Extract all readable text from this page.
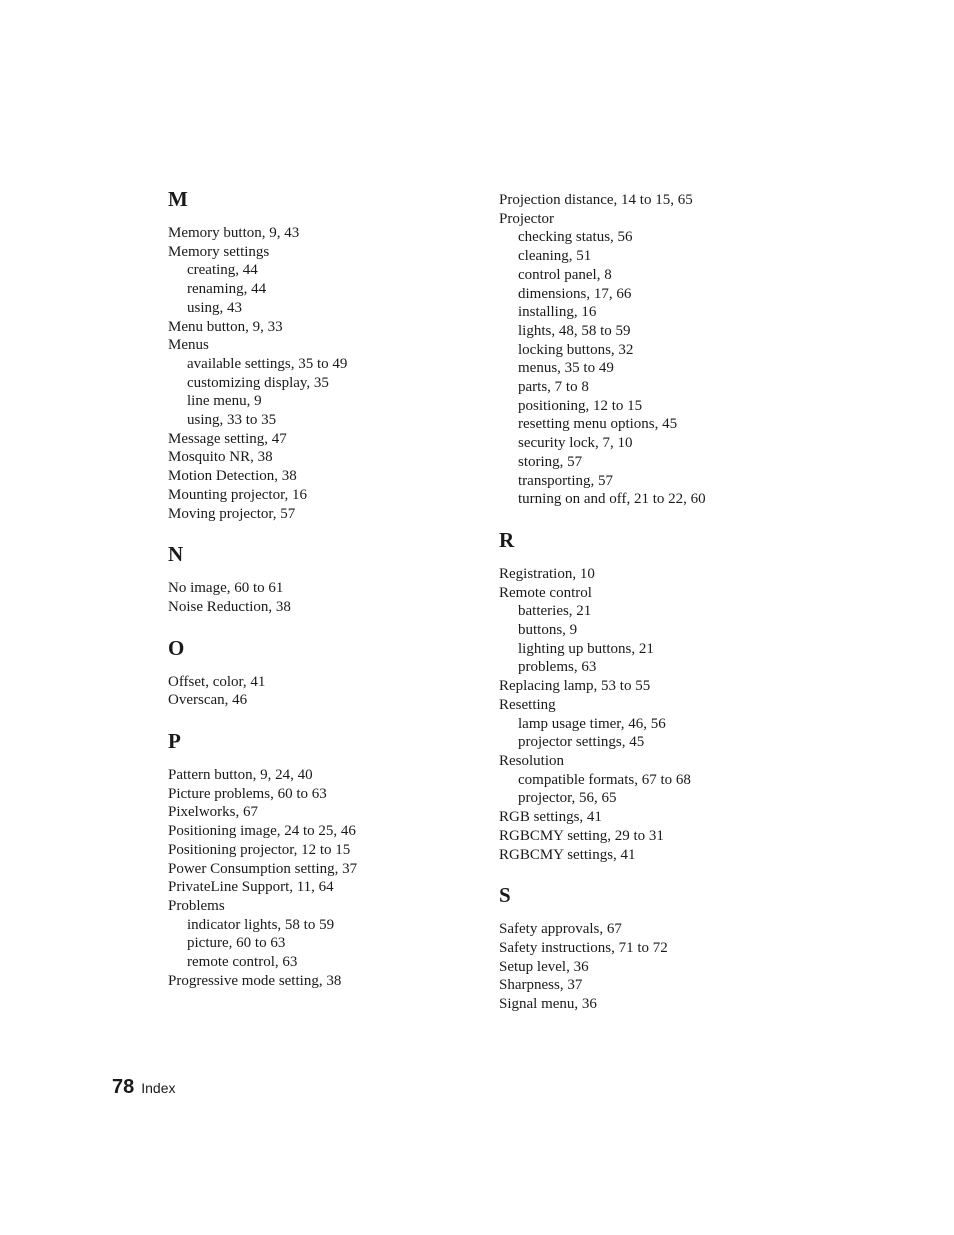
M
Memory button, 9, 43
Memory settings
creating, 44
renaming, 44
using, 43
Menu button, 9, 33
Menus
available settings, 35 to 49
customizing display, 35
line menu, 9
using, 33 to 35
Message setting, 47
Mosquito NR, 38
Motion Detection, 38
Mounting projector, 16
Moving projector, 57
N
No image, 60 to 61
Noise Reduction, 38
O
Offset, color, 41
Overscan, 46
P
Pattern button, 9, 24, 40
Picture problems, 60 to 63
Pixelworks, 67
Positioning image, 24 to 25, 46
Positioning projector, 12 to 15
Power Consumption setting, 37
PrivateLine Support, 11, 64
Problems
indicator lights, 58 to 59
picture, 60 to 63
remote control, 63
Progressive mode setting, 38
Projection distance, 14 to 15, 65
Projector
checking status, 56
cleaning, 51
control panel, 8
dimensions, 17, 66
installing, 16
lights, 48, 58 to 59
locking buttons, 32
menus, 35 to 49
parts, 7 to 8
positioning, 12 to 15
resetting menu options, 45
security lock, 7, 10
storing, 57
transporting, 57
turning on and off, 21 to 22, 60
R
Registration, 10
Remote control
batteries, 21
buttons, 9
lighting up buttons, 21
problems, 63
Replacing lamp, 53 to 55
Resetting
lamp usage timer, 46, 56
projector settings, 45
Resolution
compatible formats, 67 to 68
projector, 56, 65
RGB settings, 41
RGBCMY setting, 29 to 31
RGBCMY settings, 41
S
Safety approvals, 67
Safety instructions, 71 to 72
Setup level, 36
Sharpness, 37
Signal menu, 36
78 Index
